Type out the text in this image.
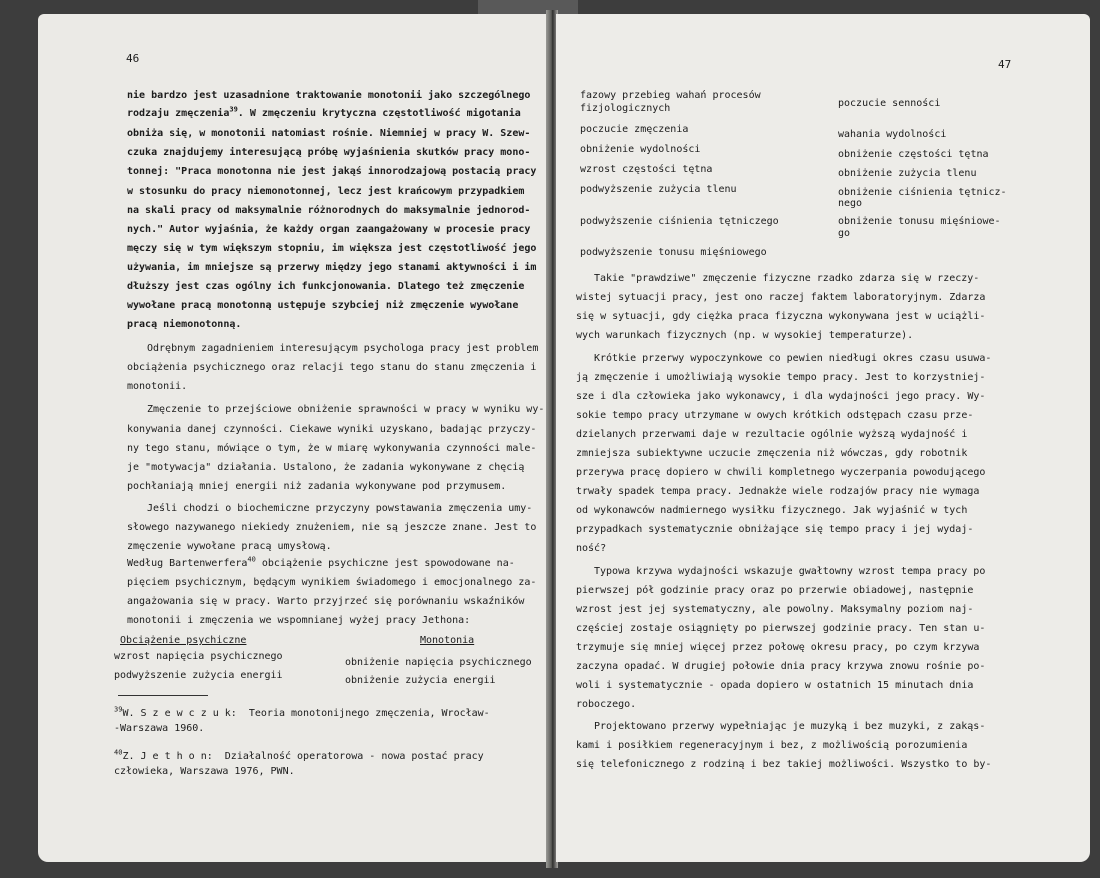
46
nie bardzo jest uzasadnione traktowanie monotonii jako szczególnego
rodzaju zmęczenia$^{39}$. W zmęczeniu krytyczna częstotliwość migotania
obniża się, w monotonii natomiast rośnie. Niemniej w pracy W. Szew-
czuka znajdujemy interesującą próbę wyjaśnienia skutków pracy mono-
tonnej: "Praca monotonna nie jest jakąś innorodzajową postacią pracy
w stosunku do pracy niemonotonnej, lecz jest krańcowym przypadkiem
na skali pracy od maksymalnie różnorodnych do maksymalnie jednorod-
nych." Autor wyjaśnia, że każdy organ zaangażowany w procesie pracy
męczy się w tym większym stopniu, im większa jest częstotliwość jego
używania, im mniejsze są przerwy między jego stanami aktywności i im
dłuższy jest czas ogólny ich funkcjonowania. Dlatego też zmęczenie
wywołane pracą monotonną ustępuje szybciej niż zmęczenie wywołane
pracą niemonotonną.
Odrębnym zagadnieniem interesującym psychologa pracy jest problem
obciążenia psychicznego oraz relacji tego stanu do stanu zmęczenia i
monotonii.
Zmęczenie to przejściowe obniżenie sprawności w pracy w wyniku wy-
konywania danej czynności. Ciekawe wyniki uzyskano, badając przyczy-
ny tego stanu, mówiące o tym, że w miarę wykonywania czynności male-
je "motywacja" działania. Ustalono, że zadania wykonywane z chęcią
pochłaniają mniej energii niż zadania wykonywane pod przymusem.
Jeśli chodzi o biochemiczne przyczyny powstawania zmęczenia umy-
słowego nazywanego niekiedy znużeniem, nie są jeszcze znane. Jest to
zmęczenie wywołane pracą umysłową.
Według Bartenwerfera$^{40}$ obciążenie psychiczne jest spowodowane na-
pięciem psychicznym, będącym wynikiem świadomego i emocjonalnego za-
angażowania się w pracy. Warto przyjrzeć się porównaniu wskaźników
monotonii i zmęczenia we wspomnianej wyżej pracy Jethona:
Obciążenie psychiczne	Monotonia
wzrost napięcia psychicznego
podwyższenie zużycia energii
obniżenie napięcia psychicznego
obniżenie zużycia energii
$^{39}$W. S z e w c z u k:  Teoria monotonijnego zmęczenia, Wrocław-
-Warszawa 1960.
$^{40}$Z. J e t h o n:  Działalność operatorowa - nowa postać pracy
człowieka, Warszawa 1976, PWN.
47
fazowy przebieg wahań procesów
fizjologicznych
poczucie zmęczenia
obniżenie wydolności
wzrost częstości tętna
podwyższenie zużycia tlenu
podwyższenie ciśnienia tętniczego
podwyższenie tonusu mięśniowego
poczucie senności
wahania wydolności
obniżenie częstości tętna
obniżenie zużycia tlenu
obniżenie ciśnienia tętnicz-
nego
obniżenie tonusu mięśniowe-
go
Takie "prawdziwe" zmęczenie fizyczne rzadko zdarza się w rzeczy-
wistej sytuacji pracy, jest ono raczej faktem laboratoryjnym. Zdarza
się w sytuacji, gdy ciężka praca fizyczna wykonywana jest w uciążli-
wych warunkach fizycznych (np. w wysokiej temperaturze).
Krótkie przerwy wypoczynkowe co pewien niedługi okres czasu usuwa-
ją zmęczenie i umożliwiają wysokie tempo pracy. Jest to korzystniej-
sze i dla człowieka jako wykonawcy, i dla wydajności jego pracy. Wy-
sokie tempo pracy utrzymane w owych krótkich odstępach czasu prze-
dzielanych przerwami daje w rezultacie ogólnie wyższą wydajność i
zmniejsza subiektywne uczucie zmęczenia niż wówczas, gdy robotnik
przerywa pracę dopiero w chwili kompletnego wyczerpania powodującego
trwały spadek tempa pracy. Jednakże wiele rodzajów pracy nie wymaga
od wykonawców nadmiernego wysiłku fizycznego. Jak wyjaśnić w tych
przypadkach systematycznie obniżające się tempo pracy i jej wydaj-
ność?
Typowa krzywa wydajności wskazuje gwałtowny wzrost tempa pracy po
pierwszej pół godzinie pracy oraz po przerwie obiadowej, następnie
wzrost jest jej systematyczny, ale powolny. Maksymalny poziom naj-
częściej zostaje osiągnięty po pierwszej godzinie pracy. Ten stan u-
trzymuje się mniej więcej przez połowę okresu pracy, po czym krzywa
zaczyna opadać. W drugiej połowie dnia pracy krzywa znowu rośnie po-
woli i systematycznie - opada dopiero w ostatnich 15 minutach dnia
roboczego.
Projektowano przerwy wypełniając je muzyką i bez muzyki, z zakąs-
kami i posiłkiem regeneracyjnym i bez, z możliwością porozumienia
się telefonicznego z rodziną i bez takiej możliwości. Wszystko to by-
